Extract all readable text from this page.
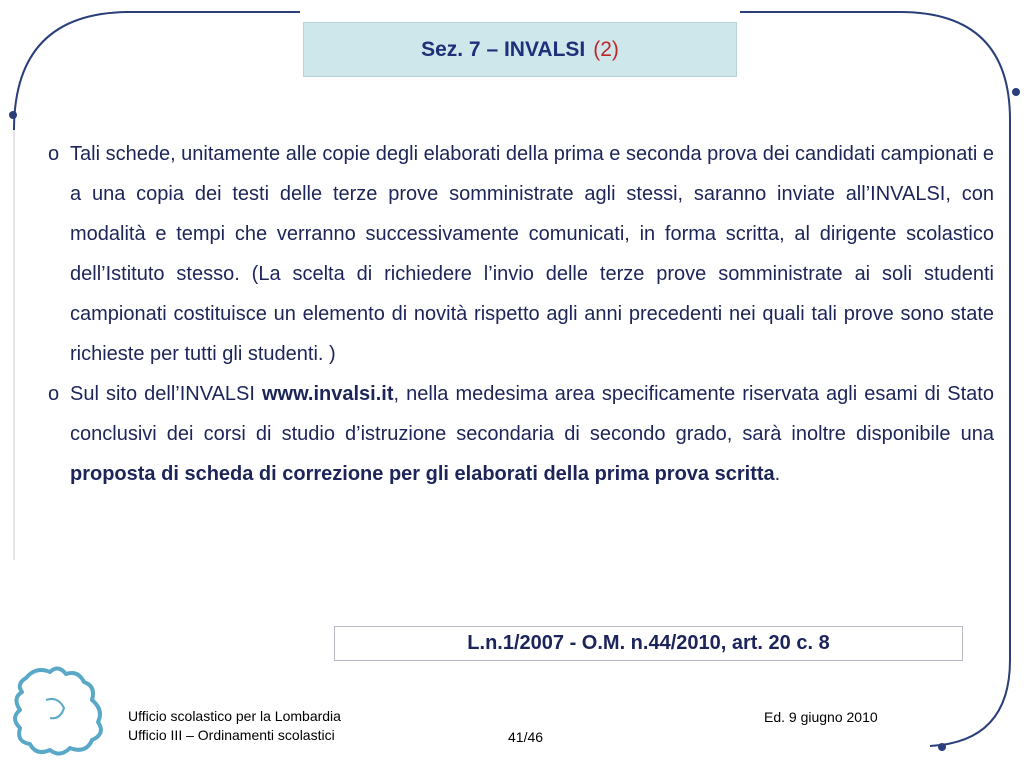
Sez. 7 – INVALSI (2)

o Tali schede, unitamente alle copie degli elaborati della prima e seconda prova dei candidati campionati e a una copia dei testi delle terze prove somministrate agli stessi, saranno inviate all’INVALSI, con modalità e tempi che verranno successivamente comunicati, in forma scritta, al dirigente scolastico dell’Istituto stesso. (La scelta di richiedere l’invio delle terze prove somministrate ai soli studenti campionati costituisce un elemento di novità rispetto agli anni precedenti nei quali tali prove sono state richieste per tutti gli studenti. )

o Sul sito dell’INVALSI www.invalsi.it, nella medesima area specificamente riservata agli esami di Stato conclusivi dei corsi di studio d’istruzione secondaria di secondo grado, sarà inoltre disponibile una proposta di scheda di correzione per gli elaborati della prima prova scritta.

L.n.1/2007 - O.M. n.44/2010, art. 20 c. 8
Ufficio scolastico per la Lombardia
Ufficio III – Ordinamenti scolastici	41/46
Ed. 9 giugno 2010
